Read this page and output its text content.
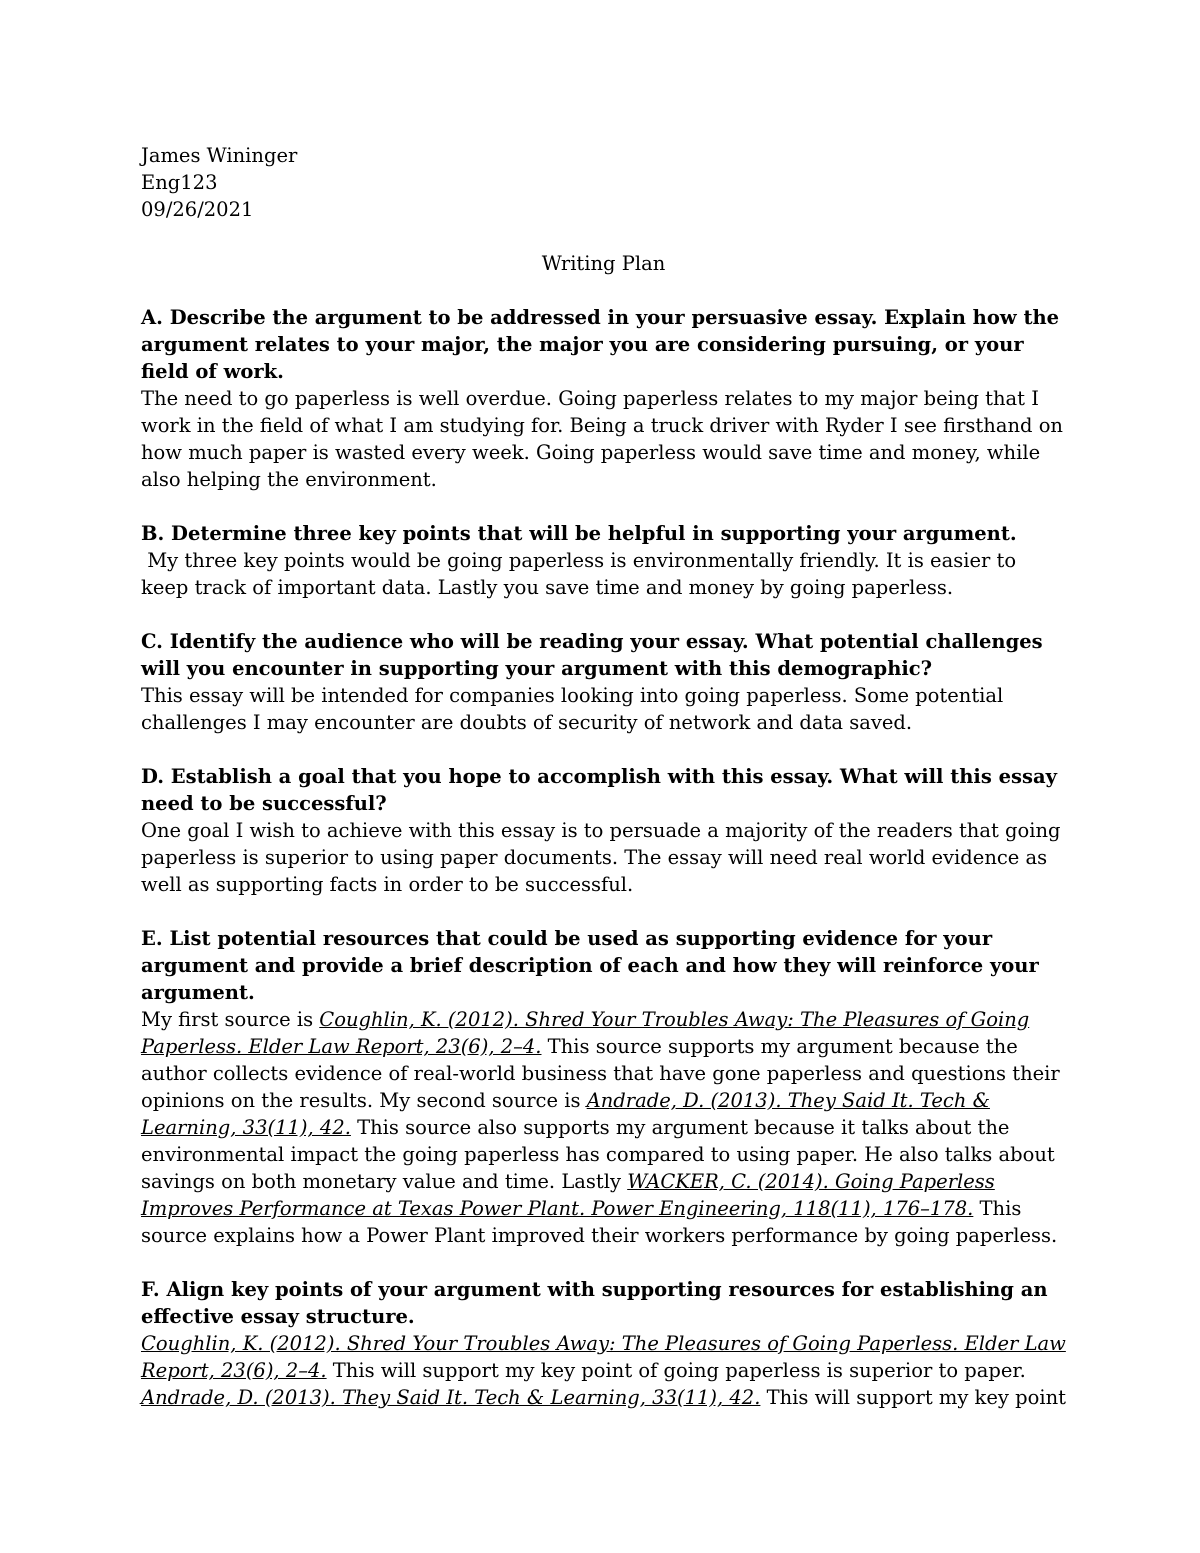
James Wininger
Eng123
09/26/2021
Writing Plan

A. Describe the argument to be addressed in your persuasive essay. Explain how the argument relates to your major, the major you are considering pursuing, or your field of work.

The need to go paperless is well overdue. Going paperless relates to my major being that I work in the field of what I am studying for. Being a truck driver with Ryder I see firsthand on how much paper is wasted every week. Going paperless would save time and money, while also helping the environment.

B. Determine three key points that will be helpful in supporting your argument.

My three key points would be going paperless is environmentally friendly. It is easier to keep track of important data. Lastly you save time and money by going paperless.

C. Identify the audience who will be reading your essay. What potential challenges will you encounter in supporting your argument with this demographic?

This essay will be intended for companies looking into going paperless. Some potential challenges I may encounter are doubts of security of network and data saved.

D. Establish a goal that you hope to accomplish with this essay. What will this essay need to be successful?

One goal I wish to achieve with this essay is to persuade a majority of the readers that going paperless is superior to using paper documents. The essay will need real world evidence as well as supporting facts in order to be successful.

E. List potential resources that could be used as supporting evidence for your argument and provide a brief description of each and how they will reinforce your argument.

My first source is Coughlin, K. (2012). Shred Your Troubles Away: The Pleasures of Going Paperless. Elder Law Report, 23(6), 2–4. This source supports my argument because the author collects evidence of real-world business that have gone paperless and questions their opinions on the results. My second source is Andrade, D. (2013). They Said It. Tech & Learning, 33(11), 42. This source also supports my argument because it talks about the environmental impact the going paperless has compared to using paper. He also talks about savings on both monetary value and time. Lastly WACKER, C. (2014). Going Paperless Improves Performance at Texas Power Plant. Power Engineering, 118(11), 176–178. This source explains how a Power Plant improved their workers performance by going paperless.

F. Align key points of your argument with supporting resources for establishing an effective essay structure.

Coughlin, K. (2012). Shred Your Troubles Away: The Pleasures of Going Paperless. Elder Law Report, 23(6), 2–4. This will support my key point of going paperless is superior to paper.

Andrade, D. (2013). They Said It. Tech & Learning, 33(11), 42. This will support my key point
